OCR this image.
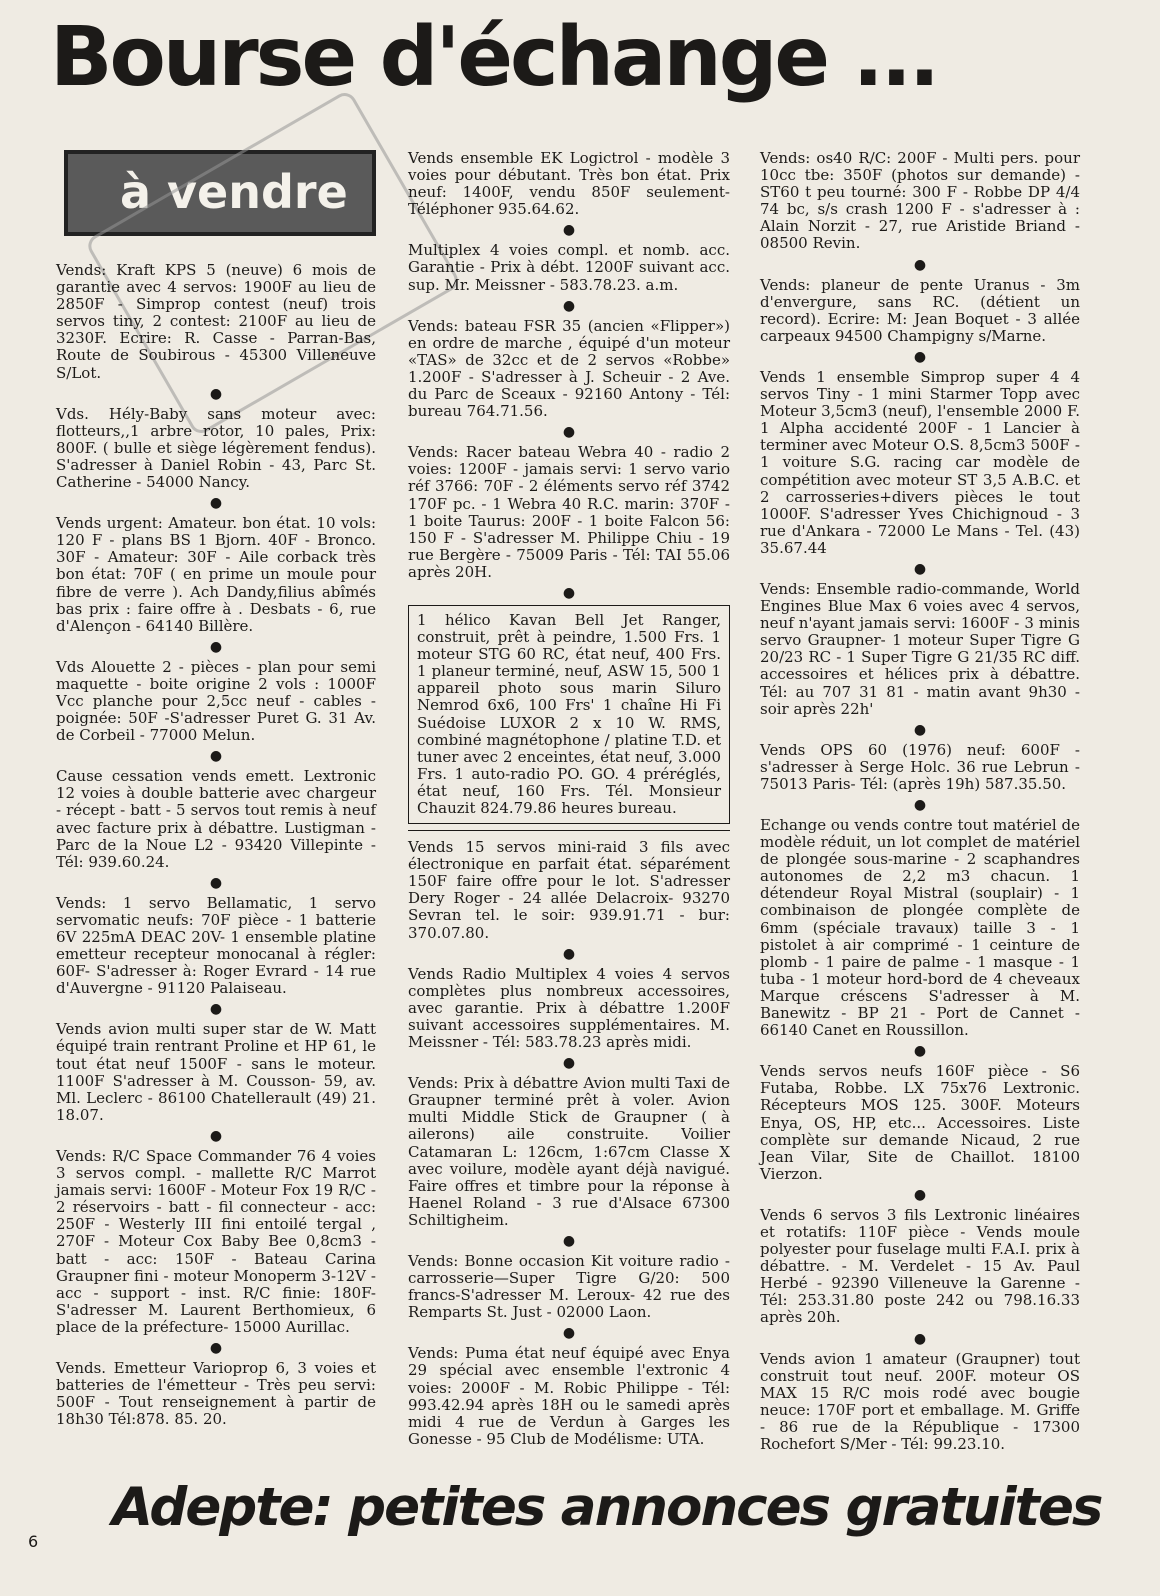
Bourse d'échange ...
à vendre

Vends: Kraft KPS 5 (neuve) 6 mois de garantie avec 4 servos: 1900F au lieu de 2850F - Simprop contest (neuf) trois servos tiny, 2 contest: 2100F au lieu de 3230F. Ecrire: R. Casse - Parran-Bas, Route de Soubirous - 45300 Villeneuve S/Lot.

●

Vds. Hély-Baby sans moteur avec: flotteurs,,1 arbre rotor, 10 pales, Prix: 800F. ( bulle et siège légèrement fendus). S'adresser à Daniel Robin - 43, Parc St. Catherine - 54000 Nancy.

●

Vends urgent: Amateur. bon état. 10 vols: 120 F - plans BS 1 Bjorn. 40F - Bronco. 30F - Amateur: 30F - Aile corback très bon état: 70F ( en prime un moule pour fibre de verre ). Ach Dandy,filius abîmés bas prix : faire offre à . Desbats - 6, rue d'Alençon - 64140 Billère.

●

Vds Alouette 2 - pièces - plan pour semi maquette - boite origine 2 vols : 1000F Vcc planche pour 2,5cc neuf - cables - poignée: 50F -S'adresser Puret G. 31 Av. de Corbeil - 77000 Melun.

●

Cause cessation vends emett. Lextronic 12 voies à double batterie avec chargeur - récept - batt - 5 servos tout remis à neuf avec facture prix à débattre. Lustigman - Parc de la Noue L2 - 93420 Villepinte - Tél: 939.60.24.

●

Vends: 1 servo Bellamatic, 1 servo servomatic neufs: 70F pièce - 1 batterie 6V 225mA DEAC 20V- 1 ensemble platine emetteur recepteur monocanal à régler: 60F- S'adresser à: Roger Evrard - 14 rue d'Auvergne - 91120 Palaiseau.

●

Vends avion multi super star de W. Matt équipé train rentrant Proline et HP 61, le tout état neuf 1500F - sans le moteur. 1100F S'adresser à M. Cousson- 59, av. Ml. Leclerc - 86100 Chatellerault (49) 21. 18.07.

●

Vends: R/C Space Commander 76 4 voies 3 servos compl. - mallette R/C Marrot jamais servi: 1600F - Moteur Fox 19 R/C - 2 réservoirs - batt - fil connecteur - acc: 250F - Westerly III fini entoilé tergal , 270F - Moteur Cox Baby Bee 0,8cm3 - batt - acc: 150F - Bateau Carina Graupner fini - moteur Monoperm 3-12V - acc - support - inst. R/C finie: 180F- S'adresser M. Laurent Berthomieux, 6 place de la préfecture- 15000 Aurillac.

●

Vends. Emetteur Varioprop 6, 3 voies et batteries de l'émetteur - Très peu servi: 500F - Tout renseignement à partir de 18h30 Tél:878. 85. 20.

Vends ensemble EK Logictrol - modèle 3 voies pour débutant. Très bon état. Prix neuf: 1400F, vendu 850F seulement- Téléphoner 935.64.62.

●

Multiplex 4 voies compl. et nomb. acc. Garantie - Prix à débt. 1200F suivant acc. sup. Mr. Meissner - 583.78.23. a.m.

●

Vends: bateau FSR 35 (ancien «Flipper») en ordre de marche , équipé d'un moteur «TAS» de 32cc et de 2 servos «Robbe» 1.200F - S'adresser à J. Scheuir - 2 Ave. du Parc de Sceaux - 92160 Antony - Tél: bureau 764.71.56.

●

Vends: Racer bateau Webra 40 - radio 2 voies: 1200F - jamais servi: 1 servo vario réf 3766: 70F - 2 éléments servo réf 3742 170F pc. - 1 Webra 40 R.C. marin: 370F - 1 boite Taurus: 200F - 1 boite Falcon 56: 150 F - S'adresser M. Philippe Chiu - 19 rue Bergère - 75009 Paris - Tél: TAI 55.06 après 20H.

●

1 hélico Kavan Bell Jet Ranger, construit, prêt à peindre, 1.500 Frs. 1 moteur STG 60 RC, état neuf, 400 Frs. 1 planeur terminé, neuf, ASW 15, 500 1 appareil photo sous marin Siluro Nemrod 6x6, 100 Frs' 1 chaîne Hi Fi Suédoise LUXOR 2 x 10 W. RMS, combiné magnétophone / platine T.D. et tuner avec 2 enceintes, état neuf, 3.000 Frs. 1 auto-radio PO. GO. 4 préréglés, état neuf, 160 Frs. Tél. Monsieur Chauzit 824.79.86 heures bureau.

Vends 15 servos mini-raid 3 fils avec électronique en parfait état. séparément 150F faire offre pour le lot. S'adresser Dery Roger - 24 allée Delacroix- 93270 Sevran tel. le soir: 939.91.71 - bur: 370.07.80.

●

Vends Radio Multiplex 4 voies 4 servos complètes plus nombreux accessoires, avec garantie. Prix à débattre 1.200F suivant accessoires supplémentaires. M. Meissner - Tél: 583.78.23 après midi.

●

Vends: Prix à débattre Avion multi Taxi de Graupner terminé prêt à voler. Avion multi Middle Stick de Graupner ( à ailerons) aile construite. Voilier Catamaran L: 126cm, 1:67cm Classe X avec voilure, modèle ayant déjà navigué. Faire offres et timbre pour la réponse à Haenel Roland - 3 rue d'Alsace 67300 Schiltigheim.

●

Vends: Bonne occasion Kit voiture radio -carrosserie—Super Tigre G/20: 500 francs-S'adresser M. Leroux- 42 rue des Remparts St. Just - 02000 Laon.

●

Vends: Puma état neuf équipé avec Enya 29 spécial avec ensemble l'extronic 4 voies: 2000F - M. Robic Philippe - Tél: 993.42.94 après 18H ou le samedi après midi 4 rue de Verdun à Garges les Gonesse - 95 Club de Modélisme: UTA.

Vends: os40 R/C: 200F - Multi pers. pour 10cc tbe: 350F (photos sur demande) - ST60 t peu tourné: 300 F - Robbe DP 4/4 74 bc, s/s crash 1200 F - s'adresser à : Alain Norzit - 27, rue Aristide Briand - 08500 Revin.

●

Vends: planeur de pente Uranus - 3m d'envergure, sans RC. (détient un record). Ecrire: M: Jean Boquet - 3 allée carpeaux 94500 Champigny s/Marne.

●

Vends 1 ensemble Simprop super 4 4 servos Tiny - 1 mini Starmer Topp avec Moteur 3,5cm3 (neuf), l'ensemble 2000 F. 1 Alpha accidenté 200F - 1 Lancier à terminer avec Moteur O.S. 8,5cm3 500F - 1 voiture S.G. racing car modèle de compétition avec moteur ST 3,5 A.B.C. et 2 carrosseries+divers pièces le tout 1000F. S'adresser Yves Chichignoud - 3 rue d'Ankara - 72000 Le Mans - Tel. (43) 35.67.44

●

Vends: Ensemble radio-commande, World Engines Blue Max 6 voies avec 4 servos, neuf n'ayant jamais servi: 1600F - 3 minis servo Graupner- 1 moteur Super Tigre G 20/23 RC - 1 Super Tigre G 21/35 RC diff. accessoires et hélices prix à débattre. Tél: au 707 31 81 - matin avant 9h30 - soir après 22h'

●

Vends OPS 60 (1976) neuf: 600F - s'adresser à Serge Holc. 36 rue Lebrun - 75013 Paris- Tél: (après 19h) 587.35.50.

●

Echange ou vends contre tout matériel de modèle réduit, un lot complet de matériel de plongée sous-marine - 2 scaphandres autonomes de 2,2 m3 chacun. 1 détendeur Royal Mistral (souplair) - 1 combinaison de plongée complète de 6mm (spéciale travaux) taille 3 - 1 pistolet à air comprimé - 1 ceinture de plomb - 1 paire de palme - 1 masque - 1 tuba - 1 moteur hord-bord de 4 cheveaux Marque créscens S'adresser à M. Banewitz - BP 21 - Port de Cannet - 66140 Canet en Roussillon.

●

Vends servos neufs 160F pièce - S6 Futaba, Robbe. LX 75x76 Lextronic. Récepteurs MOS 125. 300F. Moteurs Enya, OS, HP, etc... Accessoires. Liste complète sur demande Nicaud, 2 rue Jean Vilar, Site de Chaillot. 18100 Vierzon.

●

Vends 6 servos 3 fils Lextronic linéaires et rotatifs: 110F pièce - Vends moule polyester pour fuselage multi F.A.I. prix à débattre. - M. Verdelet - 15 Av. Paul Herbé - 92390 Villeneuve la Garenne - Tél: 253.31.80 poste 242 ou 798.16.33 après 20h.

●

Vends avion 1 amateur (Graupner) tout construit tout neuf. 200F. moteur OS MAX 15 R/C mois rodé avec bougie neuce: 170F port et emballage. M. Griffe - 86 rue de la République - 17300 Rochefort S/Mer - Tél: 99.23.10.

6
Adepte: petites annonces gratuites
